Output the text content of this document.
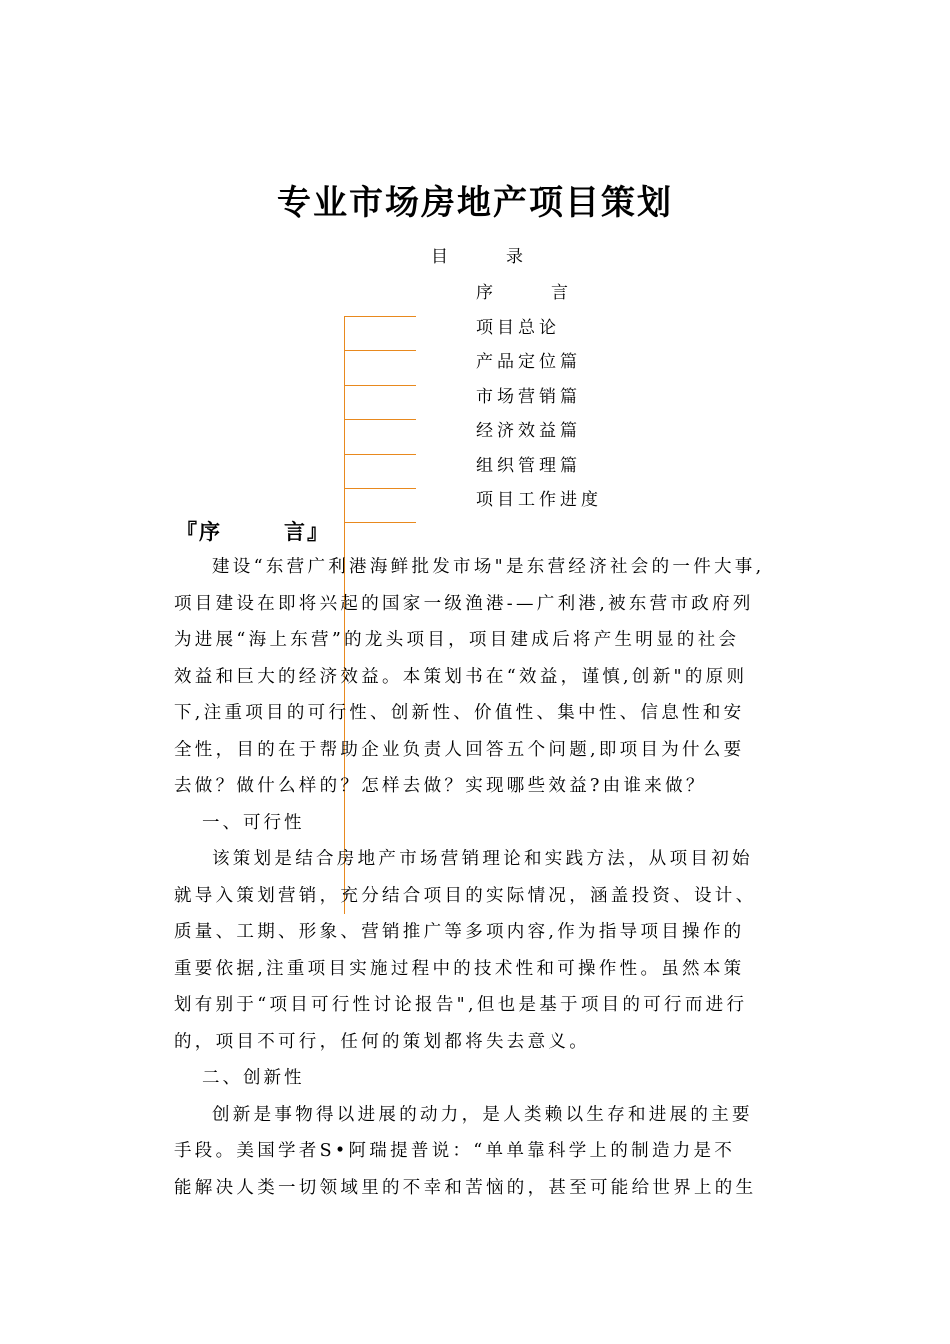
专业市场房地产项目策划
目录
序言
项目总论
产品定位篇
市场营销篇
经济效益篇
组织管理篇
项目工作进度
『序	言』
建设“东营广利港海鲜批发市场"是东营经济社会的一件大事,
项目建设在即将兴起的国家一级渔港-—广利港,被东营市政府列
为进展“海上东营”的龙头项目，项目建成后将产生明显的社会
效益和巨大的经济效益。本策划书在“效益，谨慎,创新"的原则
下,注重项目的可行性、创新性、价值性、集中性、信息性和安
全性，目的在于帮助企业负责人回答五个问题,即项目为什么要
去做？做什么样的？怎样去做？实现哪些效益?由谁来做？
一、可行性
该策划是结合房地产市场营销理论和实践方法，从项目初始
就导入策划营销，充分结合项目的实际情况，涵盖投资、设计、
质量、工期、形象、营销推广等多项内容,作为指导项目操作的
重要依据,注重项目实施过程中的技术性和可操作性。虽然本策
划有别于“项目可行性讨论报告",但也是基于项目的可行而进行
的，项目不可行，任何的策划都将失去意义。
二、创新性
创新是事物得以进展的动力，是人类赖以生存和进展的主要
手段。美国学者S•阿瑞提普说：“单单靠科学上的制造力是不
能解决人类一切领域里的不幸和苦恼的，甚至可能给世界上的生
